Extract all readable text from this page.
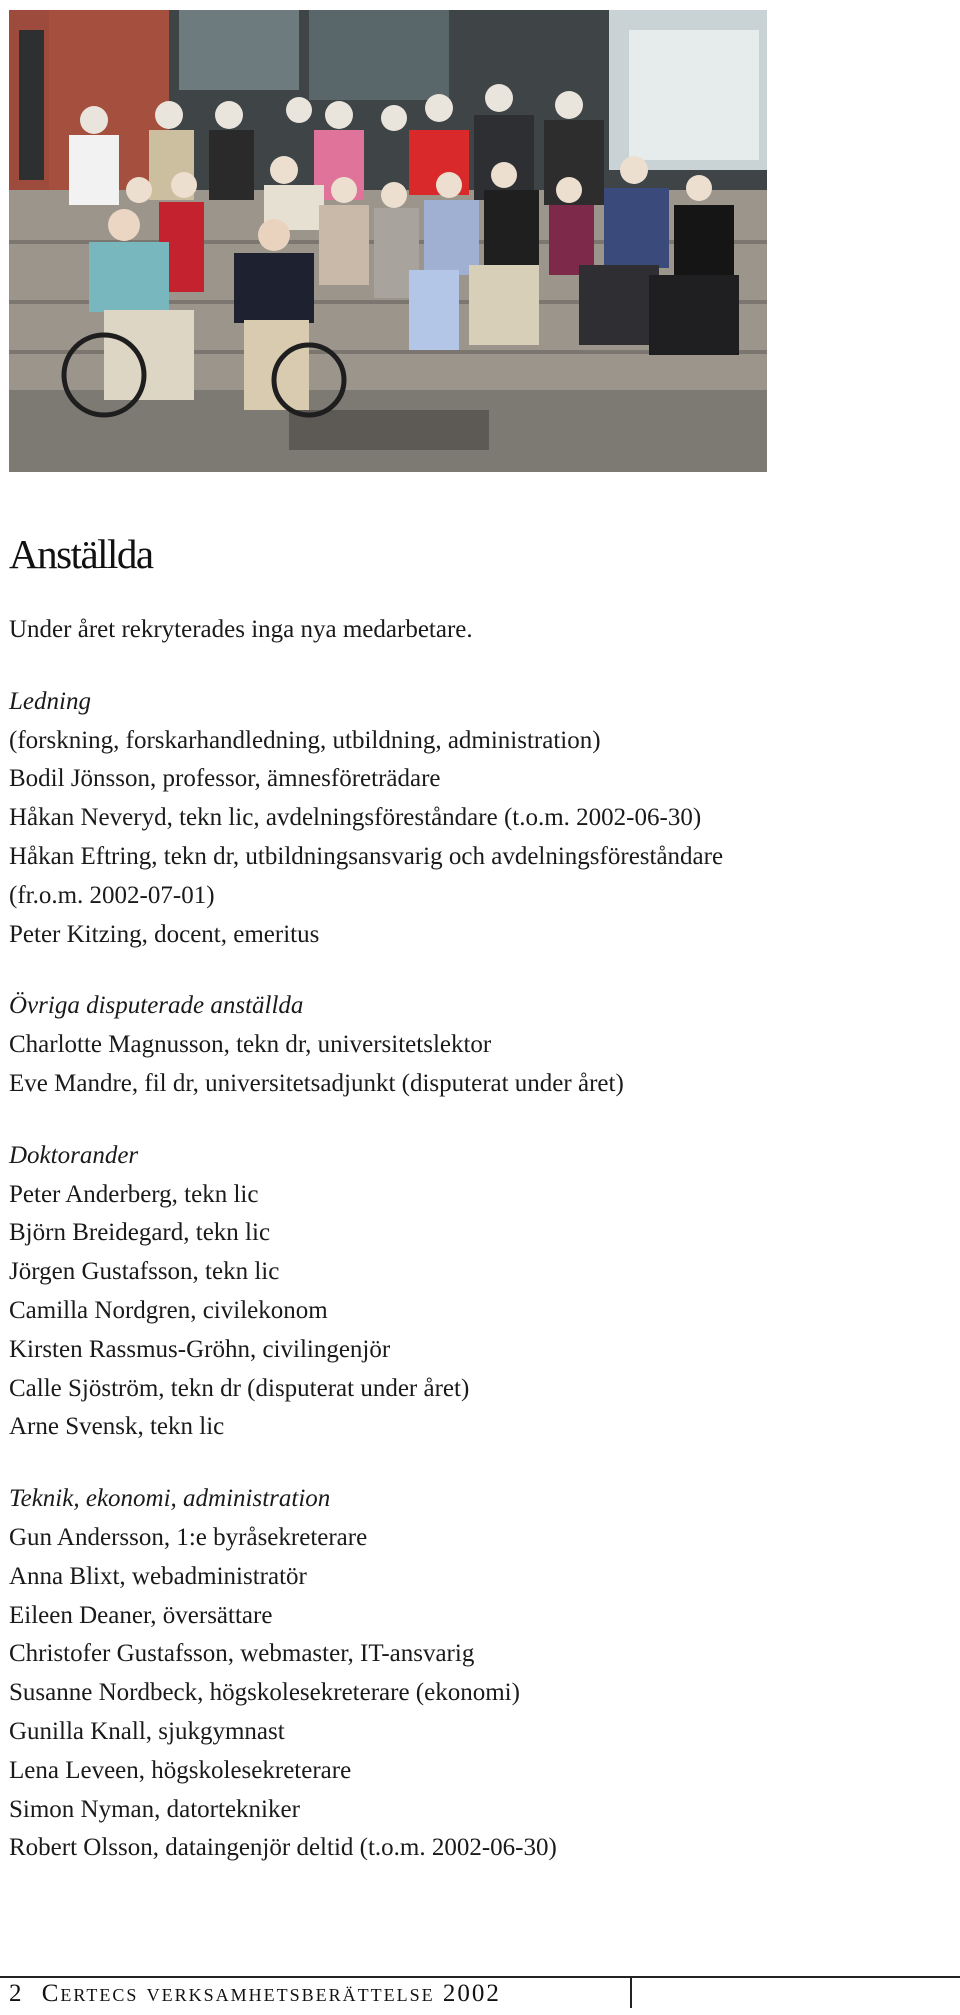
Anställda

Under året rekryterades inga nya medarbetare.

Ledning
(forskning, forskarhandledning, utbildning, administration)
Bodil Jönsson, professor, ämnesföreträdare
Håkan Neveryd, tekn lic, avdelningsföreståndare (t.o.m. 2002-06-30)
Håkan Eftring, tekn dr, utbildningsansvarig och avdelningsföreståndare
(fr.o.m. 2002-07-01)
Peter Kitzing, docent, emeritus
Övriga disputerade anställda
Charlotte Magnusson, tekn dr, universitetslektor
Eve Mandre, fil dr, universitetsadjunkt (disputerat under året)
Doktorander
Peter Anderberg, tekn lic
Björn Breidegard, tekn lic
Jörgen Gustafsson, tekn lic
Camilla Nordgren, civilekonom
Kirsten Rassmus-Gröhn, civilingenjör
Calle Sjöström, tekn dr (disputerat under året)
Arne Svensk, tekn lic
Teknik, ekonomi, administration
Gun Andersson, 1:e byråsekreterare
Anna Blixt, webadministratör
Eileen Deaner, översättare
Christofer Gustafsson, webmaster, IT-ansvarig
Susanne Nordbeck, högskolesekreterare (ekonomi)
Gunilla Knall, sjukgymnast
Lena Leveen, högskolesekreterare
Simon Nyman, datortekniker
Robert Olsson, dataingenjör deltid (t.o.m. 2002-06-30)
2 Certecs verksamhetsberättelse 2002
